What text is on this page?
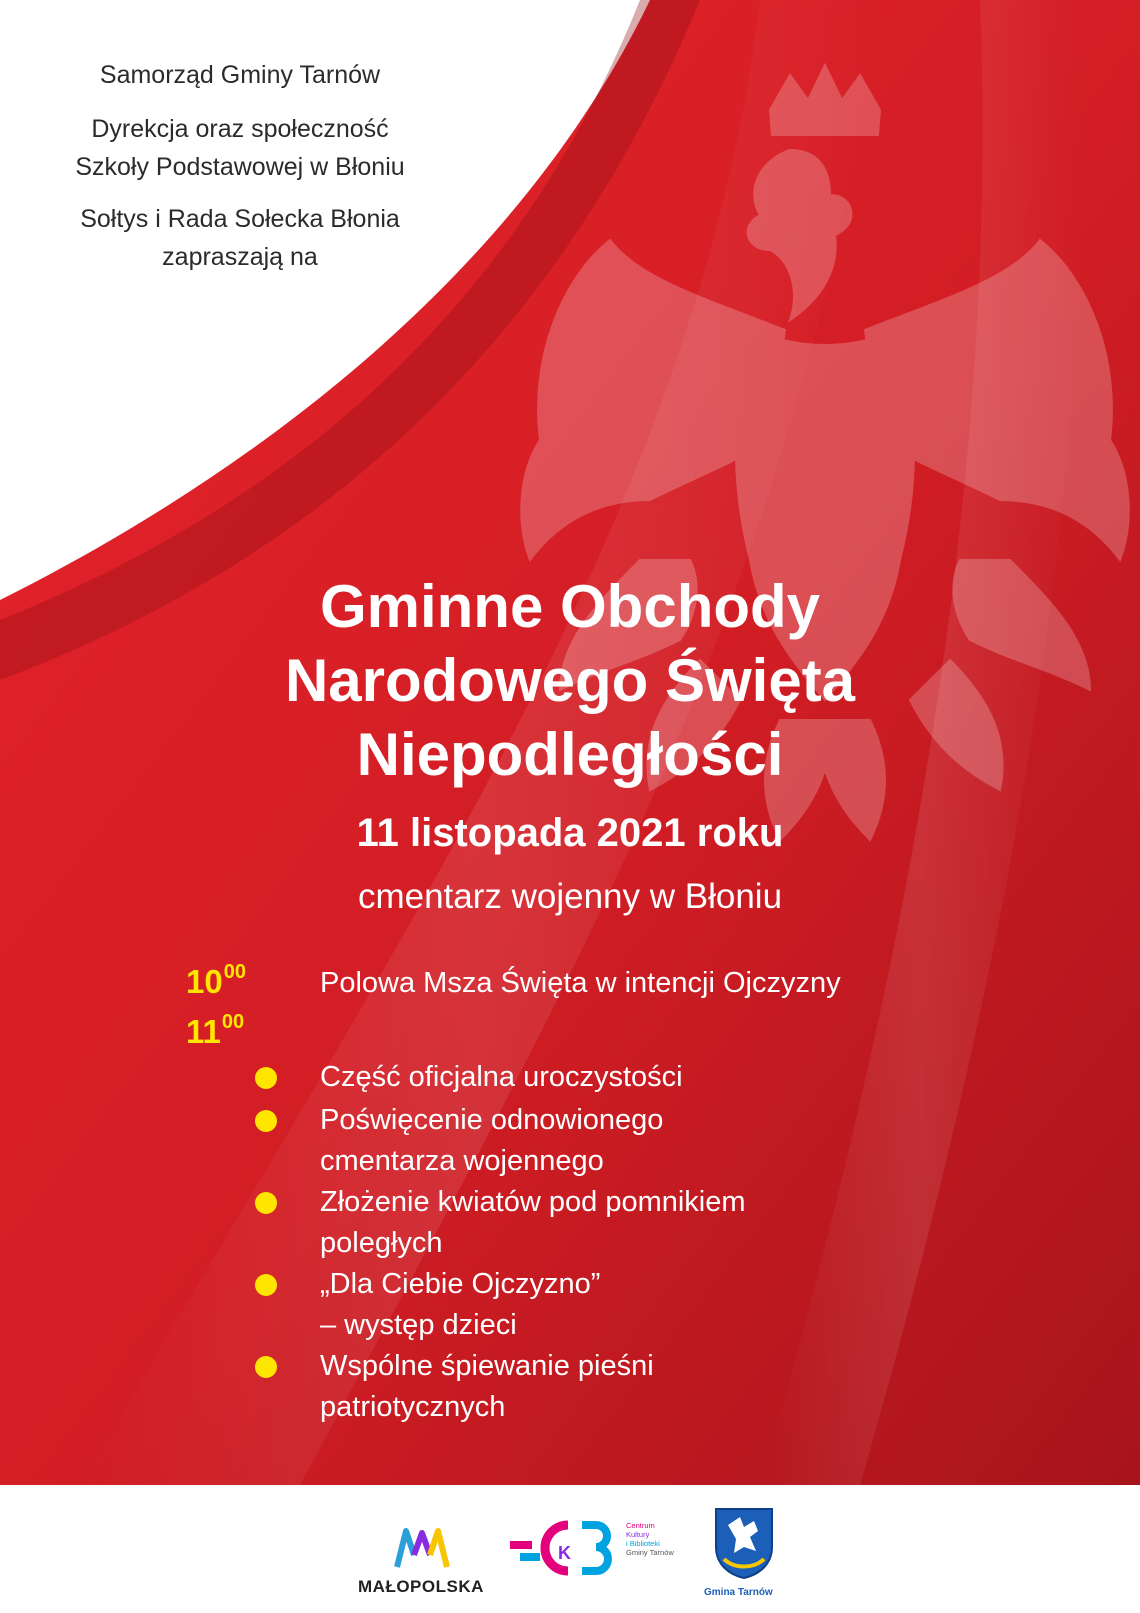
Samorząd Gminy Tarnów
Dyrekcja oraz społeczność
Szkoły Podstawowej w Błoniu
Sołtys i Rada Sołecka Błonia
zapraszają na
Gminne Obchody
Narodowego Święta
Niepodległości
11 listopada 2021 roku
cmentarz wojenny w Błoniu
$10^{00}$	Polowa Msza Święta w intencji Ojczyzny
$11^{00}$
Część oficjalna uroczystości
Poświęcenie odnowionego
cmentarza wojennego
Złożenie kwiatów pod pomnikiem
poległych
„Dla Ciebie Ojczyzno”
– występ dzieci
Wspólne śpiewanie pieśni
patriotycznych
MAŁOPOLSKA
K
Centrum
Kultury
i Biblioteki
Gminy Tarnów
Gmina Tarnów
